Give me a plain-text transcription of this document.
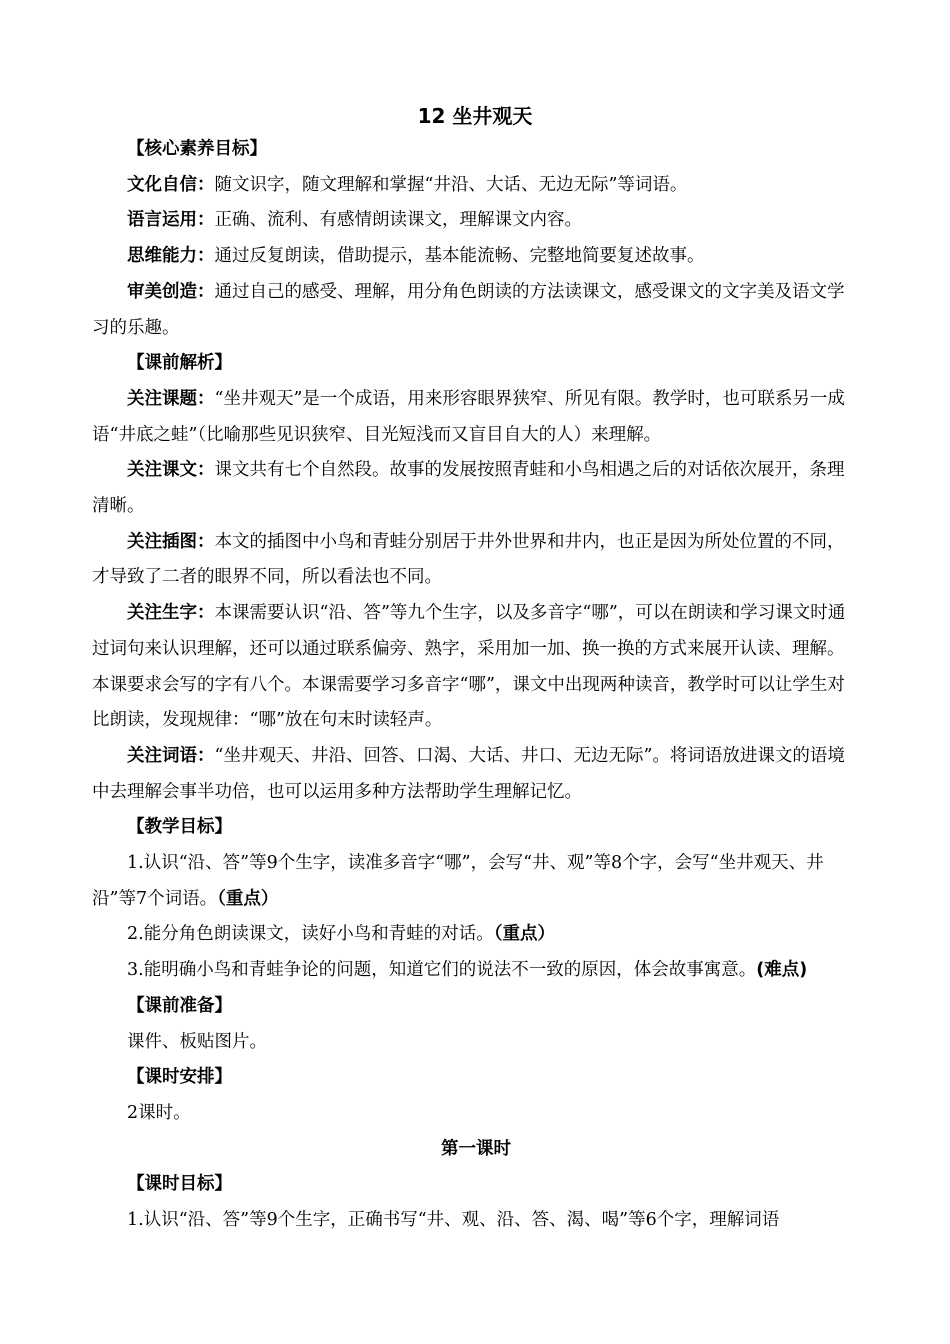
12 坐井观天

【核心素养目标】

文化自信：随文识字，随文理解和掌握“井沿、大话、无边无际”等词语。

语言运用：正确、流利、有感情朗读课文，理解课文内容。

思维能力：通过反复朗读，借助提示，基本能流畅、完整地简要复述故事。

审美创造：通过自己的感受、理解，用分角色朗读的方法读课文，感受课文的文字美及语文学习的乐趣。

【课前解析】

关注课题：“坐井观天”是一个成语，用来形容眼界狭窄、所见有限。教学时，也可联系另一成语“井底之蛙”（比喻那些见识狭窄、目光短浅而又盲目自大的人）来理解。

关注课文：课文共有七个自然段。故事的发展按照青蛙和小鸟相遇之后的对话依次展开，条理清晰。

关注插图：本文的插图中小鸟和青蛙分别居于井外世界和井内，也正是因为所处位置的不同，才导致了二者的眼界不同，所以看法也不同。

关注生字：本课需要认识“沿、答”等九个生字，以及多音字“哪”，可以在朗读和学习课文时通过词句来认识理解，还可以通过联系偏旁、熟字，采用加一加、换一换的方式来展开认读、理解。本课要求会写的字有八个。本课需要学习多音字“哪”，课文中出现两种读音，教学时可以让学生对比朗读，发现规律：“哪”放在句末时读轻声。

关注词语：“坐井观天、井沿、回答、口渴、大话、井口、无边无际”。将词语放进课文的语境中去理解会事半功倍，也可以运用多种方法帮助学生理解记忆。

【教学目标】

1.认识“沿、答”等9个生字，读准多音字“哪”，会写“井、观”等8个字，会写“坐井观天、井沿”等7个词语。（重点）

2.能分角色朗读课文，读好小鸟和青蛙的对话。（重点）

3.能明确小鸟和青蛙争论的问题，知道它们的说法不一致的原因，体会故事寓意。(难点)

【课前准备】

课件、板贴图片。

【课时安排】

2课时。

第一课时

【课时目标】

1.认识“沿、答”等9个生字，正确书写“井、观、沿、答、渴、喝”等6个字，理解词语
